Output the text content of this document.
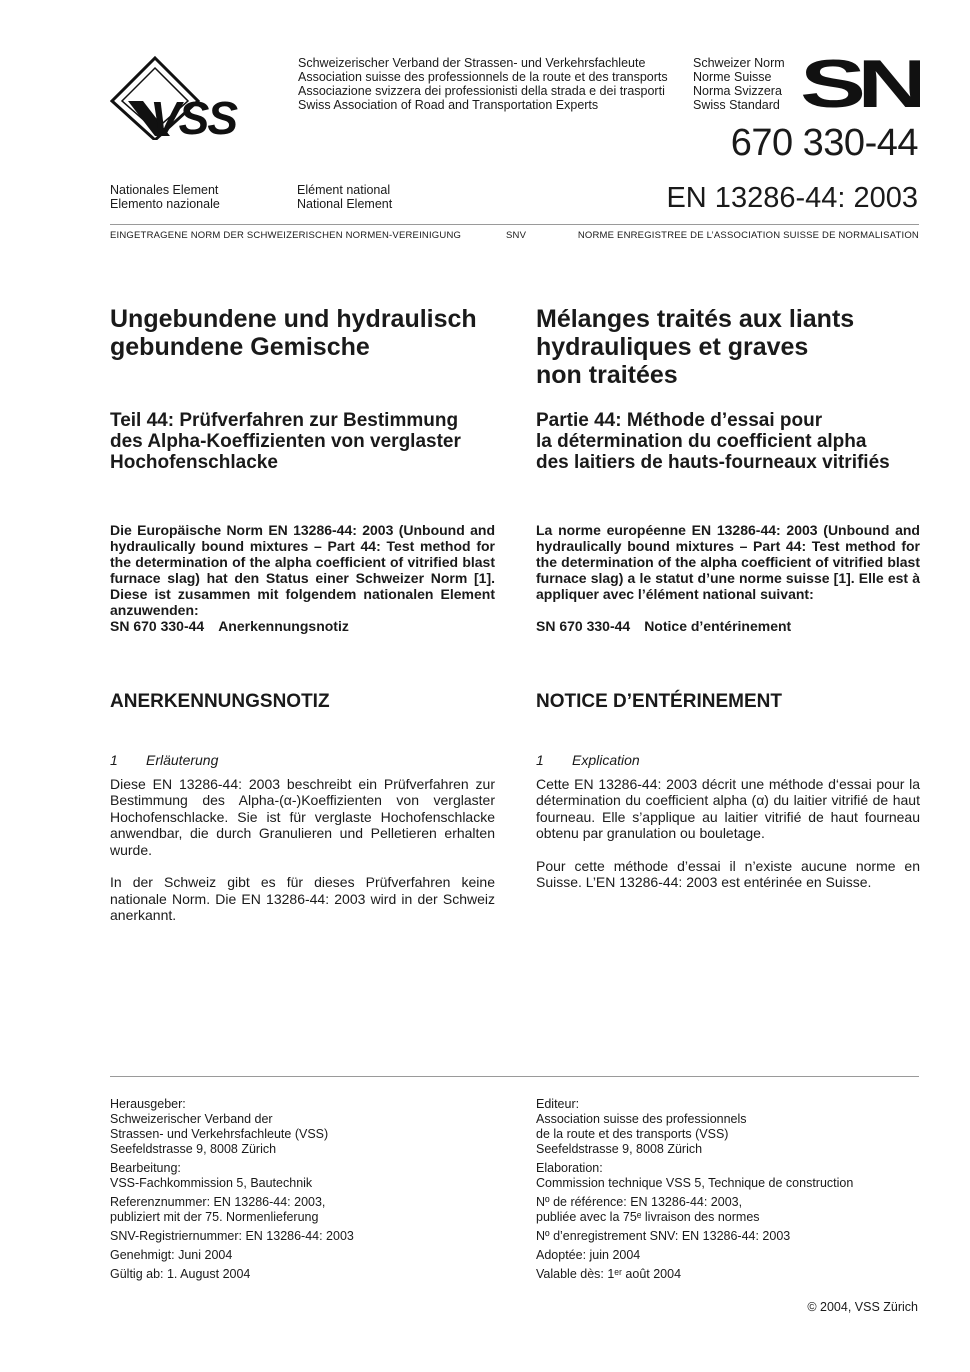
VSS
Schweizerischer Verband der Strassen- und Verkehrsfachleute
Association suisse des professionnels de la route et des transports
Associazione svizzera dei professionisti della strada e dei trasporti
Swiss Association of Road and Transportation Experts
Schweizer Norm
Norme Suisse
Norma Svizzera
Swiss Standard SN
670 330-44
Nationales Element
Elemento nazionale
Elément national
National Element	EN 13286-44: 2003
EINGETRAGENE NORM DER SCHWEIZERISCHEN NORMEN-VEREINIGUNG	SNV	NORME ENREGISTREE DE L’ASSOCIATION SUISSE DE NORMALISATION
Ungebundene und hydraulisch
gebundene Gemische
Teil 44: Prüfverfahren zur Bestimmung
des Alpha-Koeffizienten von verglaster
Hochofenschlacke

Die Europäische Norm EN 13286-44: 2003 (Unbound and hydraulically bound mixtures – Part 44: Test method for the determination of the alpha coefficient of vitrified blast furnace slag) hat den Status einer Schweizer Norm [1]. Diese ist zusammen mit folgendem nationalen Element anzuwenden:

SN 670 330-44 Anerkennungsnotiz
ANERKENNUNGSNOTIZ
1 Erläuterung

Diese EN 13286-44: 2003 beschreibt ein Prüfverfahren zur Bestimmung des Alpha-(α-)Koeffizienten von verglaster Hochofenschlacke. Sie ist für verglaste Hochofenschlacke anwendbar, die durch Granulieren und Pelletieren erhalten wurde.

In der Schweiz gibt es für dieses Prüfverfahren keine nationale Norm. Die EN 13286-44: 2003 wird in der Schweiz anerkannt.

Mélanges traités aux liants
hydrauliques et graves
non traitées
Partie 44: Méthode d’essai pour
la détermination du coefficient alpha
des laitiers de hauts-fourneaux vitrifiés

La norme européenne EN 13286-44: 2003 (Unbound and hydraulically bound mixtures – Part 44: Test method for the determination of the alpha coefficient of vitrified blast furnace slag) a le statut d’une norme suisse [1]. Elle est à appliquer avec l’élément national suivant:

SN 670 330-44 Notice d’entérinement
NOTICE D’ENTÉRINEMENT
1 Explication

Cette EN 13286-44: 2003 décrit une méthode d‘essai pour la détermination du coefficient alpha (α) du laitier vitrifié de haut fourneau. Elle s’applique au laitier vitrifié de haut fourneau obtenu par granulation ou bouletage.

Pour cette méthode d’essai il n’existe aucune norme en Suisse. L’EN 13286-44: 2003 est entérinée en Suisse.

Herausgeber:
Schweizerischer Verband der
Strassen- und Verkehrsfachleute (VSS)
Seefeldstrasse 9, 8008 Zürich

Bearbeitung:
VSS-Fachkommission 5, Bautechnik

Referenznummer: EN 13286-44: 2003,
publiziert mit der 75. Normenlieferung

SNV-Registriernummer: EN 13286-44: 2003

Genehmigt: Juni 2004

Gültig ab: 1. August 2004

Editeur:
Association suisse des professionnels
de la route et des transports (VSS)
Seefeldstrasse 9, 8008 Zürich

Elaboration:
Commission technique VSS 5, Technique de construction

Nº de référence: EN 13286-44: 2003,
publiée avec la 75ᵉ livraison des normes

Nº d’enregistrement SNV: EN 13286-44: 2003

Adoptée: juin 2004

Valable dès: 1ᵉʳ août 2004

© 2004, VSS Zürich
